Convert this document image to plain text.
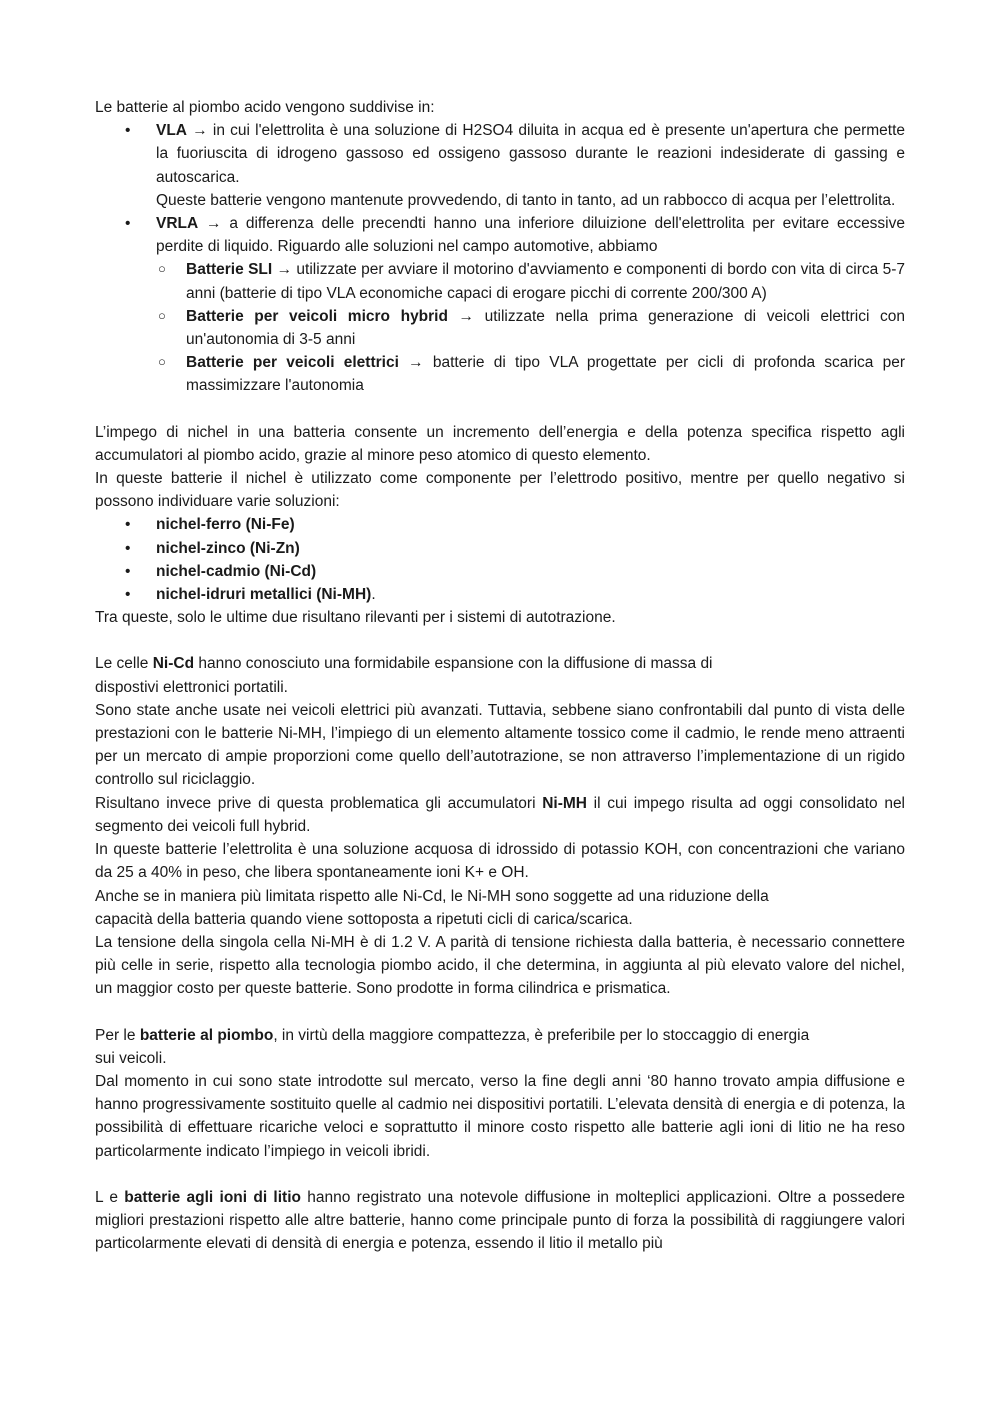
Le batterie al piombo acido vengono suddivise in:

• VLA → in cui l'elettrolita è una soluzione di H2SO4 diluita in acqua ed è presente un'apertura che permette la fuoriuscita di idrogeno gassoso ed ossigeno gassoso durante le reazioni indesiderate di gassing e autoscarica.
Queste batterie vengono mantenute provvedendo, di tanto in tanto, ad un rabbocco di acqua per l’elettrolita.
• VRLA → a differenza delle precendti hanno una inferiore diluizione dell'elettrolita per evitare eccessive perdite di liquido. Riguardo alle soluzioni nel campo automotive, abbiamo
○ Batterie SLI → utilizzate per avviare il motorino d'avviamento e componenti di bordo con vita di circa 5-7 anni (batterie di tipo VLA economiche capaci di erogare picchi di corrente 200/300 A)
○ Batterie per veicoli micro hybrid → utilizzate nella prima generazione di veicoli elettrici con un'autonomia di 3-5 anni
○ Batterie per veicoli elettrici → batterie di tipo VLA progettate per cicli di profonda scarica per massimizzare l'autonomia

L’impego di nichel in una batteria consente un incremento dell’energia e della potenza specifica rispetto agli accumulatori al piombo acido, grazie al minore peso atomico di questo elemento.

In queste batterie il nichel è utilizzato come componente per l’elettrodo positivo, mentre per quello negativo si possono individuare varie soluzioni:

• nichel-ferro (Ni-Fe)
• nichel-zinco (Ni-Zn)
• nichel-cadmio (Ni-Cd)
• nichel-idruri metallici (Ni-MH).

Tra queste, solo le ultime due risultano rilevanti per i sistemi di autotrazione.

Le celle Ni-Cd hanno conosciuto una formidabile espansione con la diffusione di massa di
dispostivi elettronici portatili.

Sono state anche usate nei veicoli elettrici più avanzati. Tuttavia, sebbene siano confrontabili dal punto di vista delle prestazioni con le batterie Ni-MH, l’impiego di un elemento altamente tossico come il cadmio, le rende meno attraenti per un mercato di ampie proporzioni come quello dell’autotrazione, se non attraverso l’implementazione di un rigido controllo sul riciclaggio.

Risultano invece prive di questa problematica gli accumulatori Ni-MH il cui impego risulta ad oggi consolidato nel segmento dei veicoli full hybrid.

In queste batterie l’elettrolita è una soluzione acquosa di idrossido di potassio KOH, con concentrazioni che variano da 25 a 40% in peso, che libera spontaneamente ioni K+ e OH.

Anche se in maniera più limitata rispetto alle Ni-Cd, le Ni-MH sono soggette ad una riduzione della
capacità della batteria quando viene sottoposta a ripetuti cicli di carica/scarica.

La tensione della singola cella Ni-MH è di 1.2 V. A parità di tensione richiesta dalla batteria, è necessario connettere più celle in serie, rispetto alla tecnologia piombo acido, il che determina, in aggiunta al più elevato valore del nichel, un maggior costo per queste batterie. Sono prodotte in forma cilindrica e prismatica.

Per le batterie al piombo, in virtù della maggiore compattezza, è preferibile per lo stoccaggio di energia
sui veicoli.

Dal momento in cui sono state introdotte sul mercato, verso la fine degli anni ‘80 hanno trovato ampia diffusione e hanno progressivamente sostituito quelle al cadmio nei dispositivi portatili. L’elevata densità di energia e di potenza, la possibilità di effettuare ricariche veloci e soprattutto il minore costo rispetto alle batterie agli ioni di litio ne ha reso particolarmente indicato l’impiego in veicoli ibridi.

L e batterie agli ioni di litio hanno registrato una notevole diffusione in molteplici applicazioni. Oltre a possedere migliori prestazioni rispetto alle altre batterie, hanno come principale punto di forza la possibilità di raggiungere valori particolarmente elevati di densità di energia e potenza, essendo il litio il metallo più
